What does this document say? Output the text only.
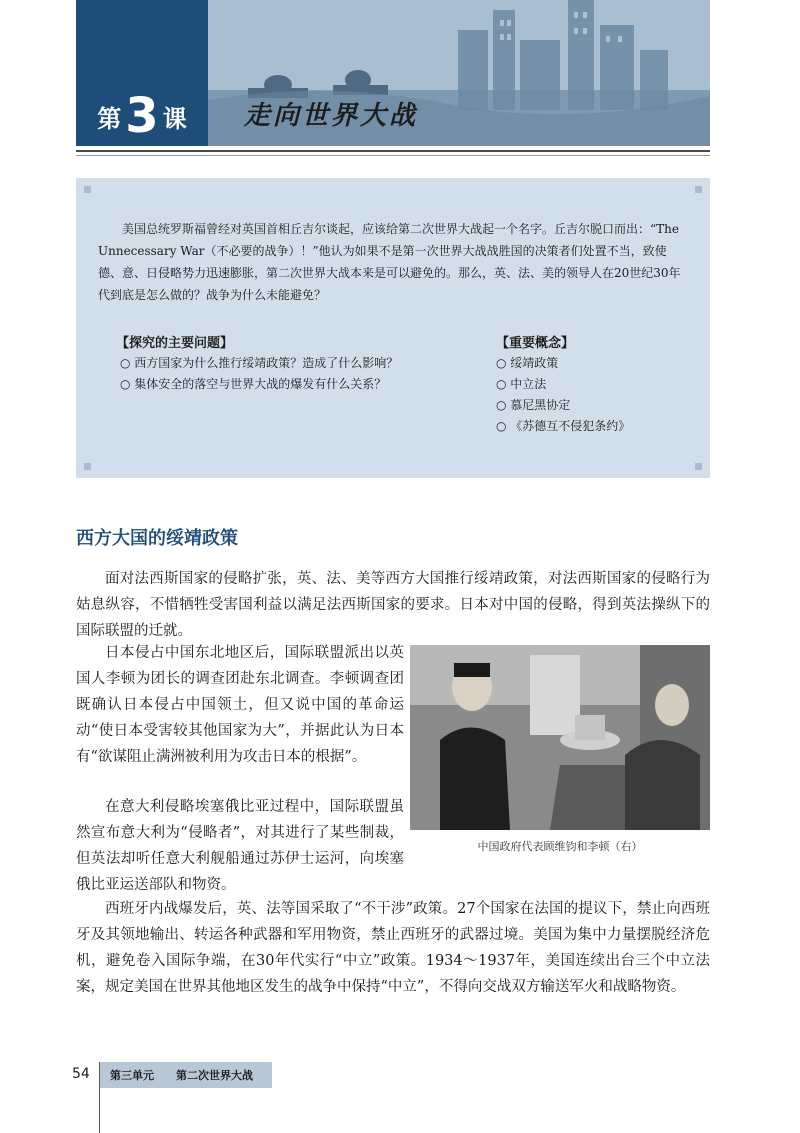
第 3 课 走向世界大战

美国总统罗斯福曾经对英国首相丘吉尔谈起，应该给第二次世界大战起一个名字。丘吉尔脱口而出：“The Unnecessary War（不必要的战争）！”他认为如果不是第一次世界大战战胜国的决策者们处置不当，致使德、意、日侵略势力迅速膨胀，第二次世界大战本来是可以避免的。那么，英、法、美的领导人在20世纪30年代到底是怎么做的？战争为什么未能避免？

【探究的主要问题】
○ 西方国家为什么推行绥靖政策？造成了什么影响？
○ 集体安全的落空与世界大战的爆发有什么关系？
【重要概念】
○ 绥靖政策
○ 中立法
○ 慕尼黑协定
○ 《苏德互不侵犯条约》
西方大国的绥靖政策

面对法西斯国家的侵略扩张，英、法、美等西方大国推行绥靖政策，对法西斯国家的侵略行为姑息纵容，不惜牺牲受害国利益以满足法西斯国家的要求。日本对中国的侵略，得到英法操纵下的国际联盟的迁就。

日本侵占中国东北地区后，国际联盟派出以英国人李顿为团长的调查团赴东北调查。李顿调查团既确认日本侵占中国领土，但又说中国的革命运动“使日本受害较其他国家为大”，并据此认为日本有“欲谋阻止满洲被利用为攻击日本的根据”。

在意大利侵略埃塞俄比亚过程中，国际联盟虽然宣布意大利为“侵略者”，对其进行了某些制裁，但英法却听任意大利舰船通过苏伊士运河，向埃塞俄比亚运送部队和物资。

中国政府代表顾维钧和李顿（右）

西班牙内战爆发后，英、法等国采取了“不干涉”政策。27个国家在法国的提议下，禁止向西班牙及其领地输出、转运各种武器和军用物资，禁止西班牙的武器过境。美国为集中力量摆脱经济危机，避免卷入国际争端，在30年代实行“中立”政策。1934～1937年，美国连续出台三个中立法案，规定美国在世界其他地区发生的战争中保持“中立”，不得向交战双方输送军火和战略物资。

54 第三单元 第二次世界大战
